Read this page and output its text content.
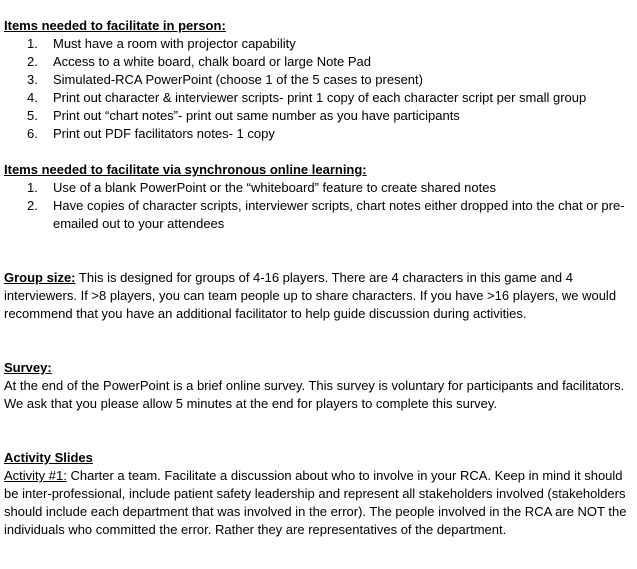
Items needed to facilitate in person:
1.	Must have a room with projector capability
2.	Access to a white board, chalk board or large Note Pad
3.	Simulated-RCA PowerPoint (choose 1 of the 5 cases to present)
4.	Print out character & interviewer scripts- print 1 copy of each character script per small group
5.	Print out “chart notes”- print out same number as you have participants
6.	Print out PDF facilitators notes- 1 copy
Items needed to facilitate via synchronous online learning:
1.	Use of a blank PowerPoint or the “whiteboard” feature to create shared notes
2.	Have copies of character scripts, interviewer scripts, chart notes either dropped into the chat or pre-emailed out to your attendees
Group size: This is designed for groups of 4-16 players. There are 4 characters in this game and 4 interviewers. If >8 players, you can team people up to share characters. If you have >16 players, we would recommend that you have an additional facilitator to help guide discussion during activities.
Survey:
At the end of the PowerPoint is a brief online survey. This survey is voluntary for participants and facilitators. We ask that you please allow 5 minutes at the end for players to complete this survey.
Activity Slides
Activity #1: Charter a team. Facilitate a discussion about who to involve in your RCA. Keep in mind it should be inter-professional, include patient safety leadership and represent all stakeholders involved (stakeholders should include each department that was involved in the error). The people involved in the RCA are NOT the individuals who committed the error. Rather they are representatives of the department.
